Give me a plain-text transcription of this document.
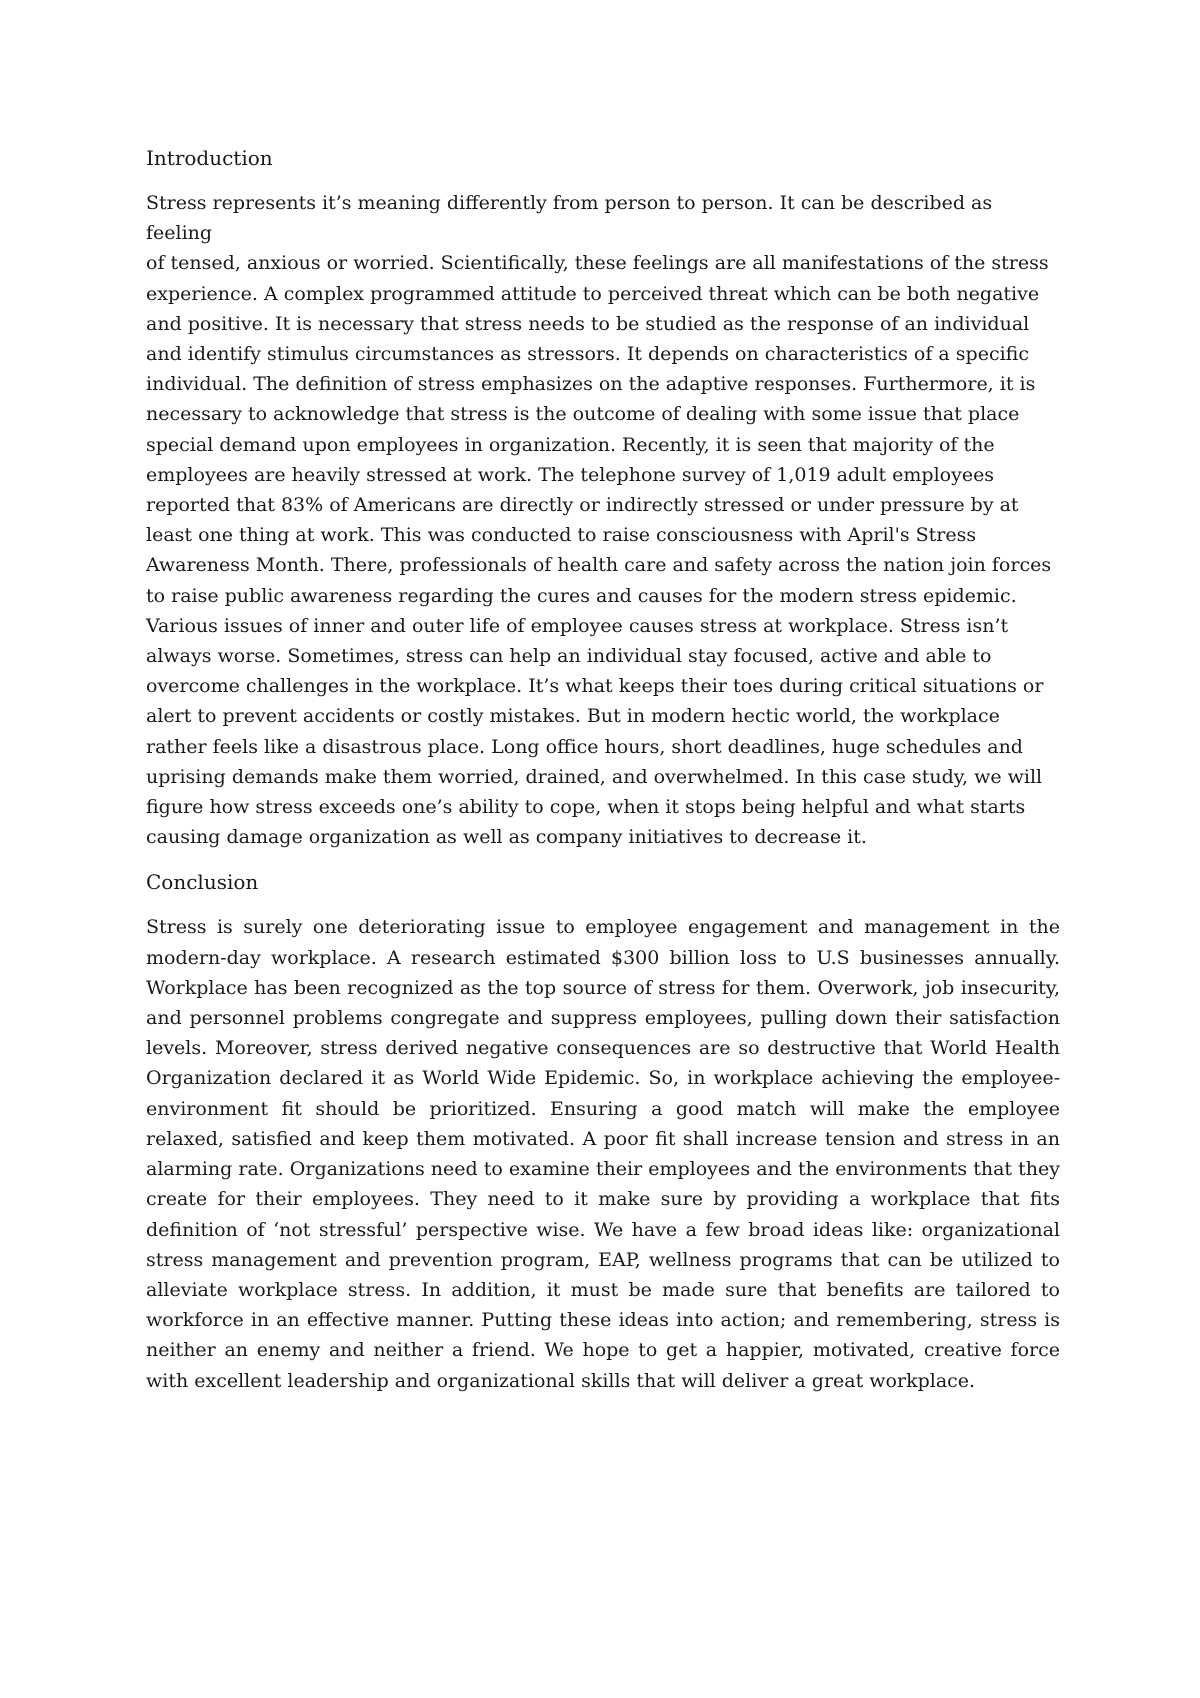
Introduction
Stress represents it’s meaning differently from person to person. It can be described as feeling
of tensed, anxious or worried. Scientifically, these feelings are all manifestations of the stress
experience. A complex programmed attitude to perceived threat which can be both negative
and positive. It is necessary that stress needs to be studied as the response of an individual
and identify stimulus circumstances as stressors. It depends on characteristics of a specific
individual. The definition of stress emphasizes on the adaptive responses. Furthermore, it is
necessary to acknowledge that stress is the outcome of dealing with some issue that place
special demand upon employees in organization. Recently, it is seen that majority of the
employees are heavily stressed at work. The telephone survey of 1,019 adult employees
reported that 83% of Americans are directly or indirectly stressed or under pressure by at
least one thing at work. This was conducted to raise consciousness with April's Stress
Awareness Month. There, professionals of health care and safety across the nation join forces
to raise public awareness regarding the cures and causes for the modern stress epidemic.
Various issues of inner and outer life of employee causes stress at workplace. Stress isn’t
always worse. Sometimes, stress can help an individual stay focused, active and able to
overcome challenges in the workplace. It’s what keeps their toes during critical situations or
alert to prevent accidents or costly mistakes. But in modern hectic world, the workplace
rather feels like a disastrous place. Long office hours, short deadlines, huge schedules and
uprising demands make them worried, drained, and overwhelmed. In this case study, we will
figure how stress exceeds one’s ability to cope, when it stops being helpful and what starts
causing damage organization as well as company initiatives to decrease it.
Conclusion
Stress is surely one deteriorating issue to employee engagement and management in the
modern-day workplace. A research estimated $300 billion loss to U.S businesses annually.
Workplace has been recognized as the top source of stress for them. Overwork, job insecurity,
and personnel problems congregate and suppress employees, pulling down their satisfaction
levels. Moreover, stress derived negative consequences are so destructive that World Health
Organization declared it as World Wide Epidemic. So, in workplace achieving the employee-
environment fit should be prioritized. Ensuring a good match will make the employee
relaxed, satisfied and keep them motivated. A poor fit shall increase tension and stress in an
alarming rate. Organizations need to examine their employees and the environments that they
create for their employees. They need to it make sure by providing a workplace that fits
definition of ‘not stressful’ perspective wise. We have a few broad ideas like: organizational
stress management and prevention program, EAP, wellness programs that can be utilized to
alleviate workplace stress. In addition, it must be made sure that benefits are tailored to
workforce in an effective manner. Putting these ideas into action; and remembering, stress is
neither an enemy and neither a friend. We hope to get a happier, motivated, creative force
with excellent leadership and organizational skills that will deliver a great workplace.
